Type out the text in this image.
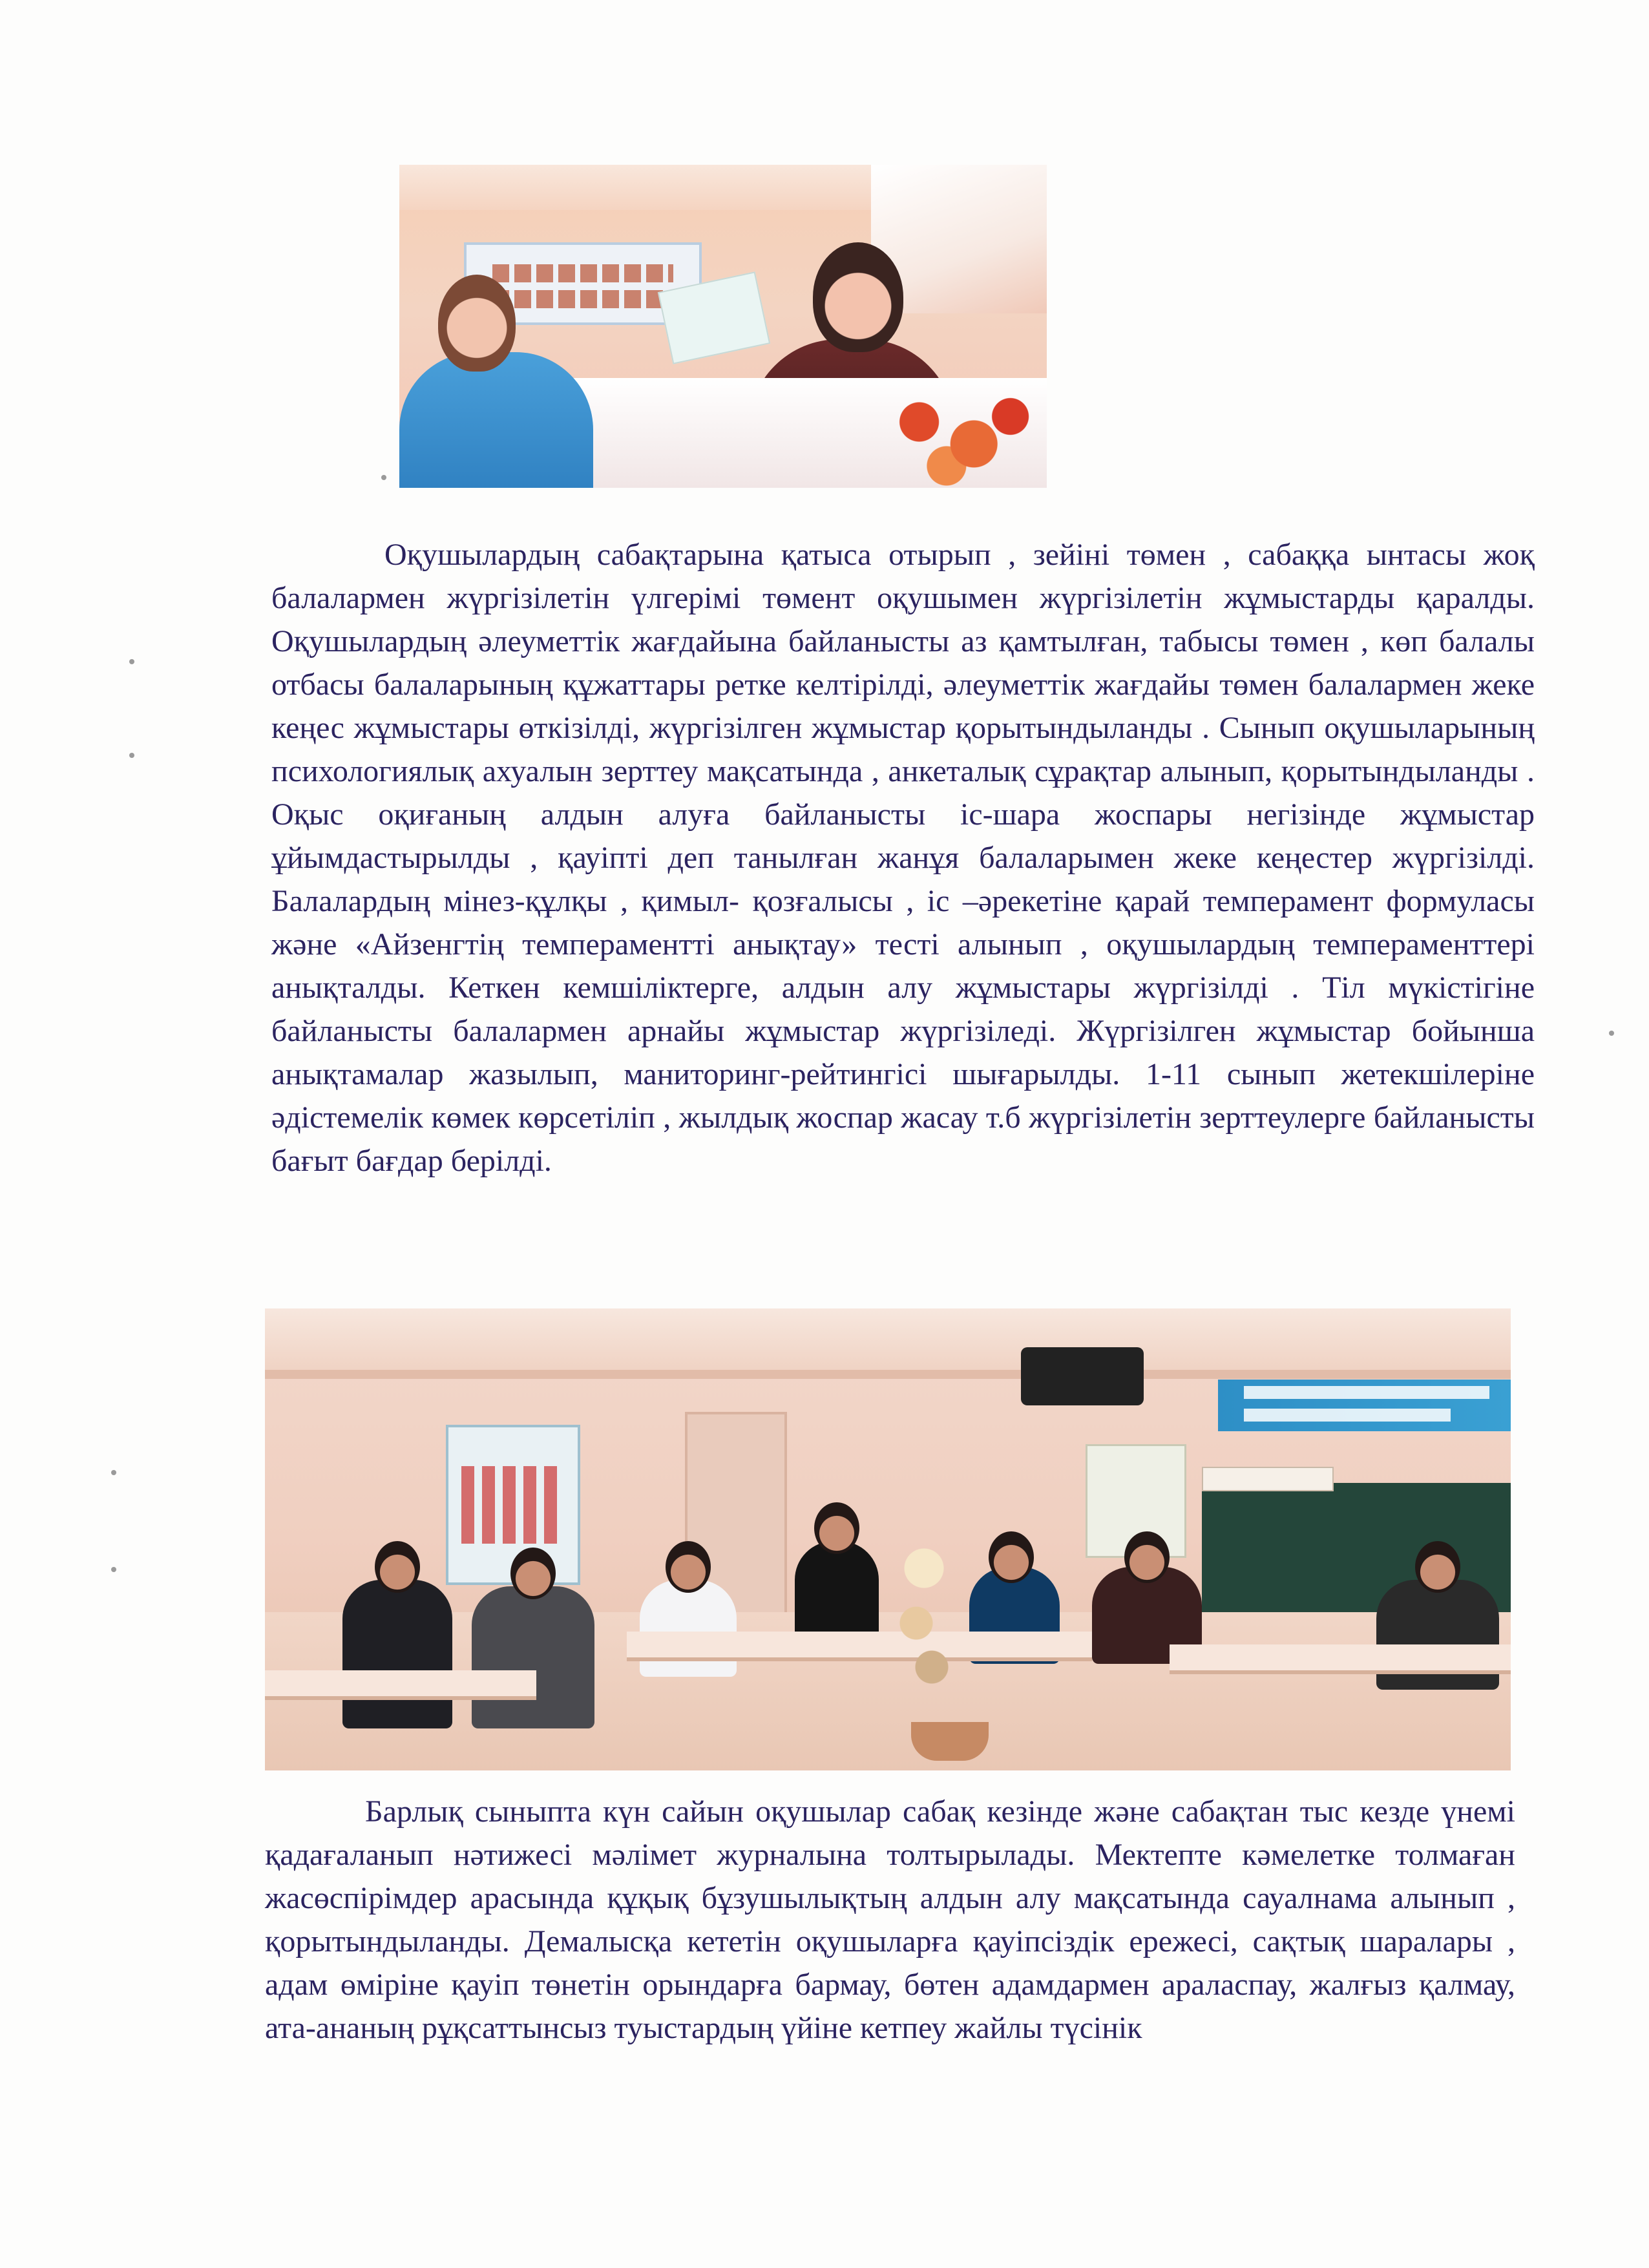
Оқушылардың сабақтарына қатыса отырып , зейіні төмен , сабаққа ынтасы жоқ балалармен жүргізілетін үлгерімі төмент оқушымен жүргізілетін жұмыстарды қаралды. Оқушылардың әлеуметтік жағдайына байланысты аз қамтылған, табысы төмен , көп балалы отбасы балаларының құжаттары ретке келтірілді, әлеуметтік жағдайы төмен балалармен жеке кеңес жұмыстары өткізілді, жүргізілген жұмыстар қорытындыланды . Сынып оқушыларының психологиялық ахуалын зерттеу мақсатында , анкеталық сұрақтар алынып, қорытындыланды . Оқыс оқиғаның алдын алуға байланысты іс-шара жоспары негізінде жұмыстар ұйымдастырылды , қауіпті деп танылған жанұя балаларымен жеке кеңестер жүргізілді. Балалардың мінез-құлқы , қимыл- қозғалысы , іс –әрекетіне қарай темперамент формуласы және «Айзенгтің темпераментті анықтау» тесті алынып , оқушылардың темпераменттері анықталды. Кеткен кемшіліктерге, алдын алу жұмыстары жүргізілді . Тіл мүкістігіне байланысты балалармен арнайы жұмыстар жүргізіледі. Жүргізілген жұмыстар бойынша анықтамалар жазылып, маниторинг-рейтингісі шығарылды. 1-11 сынып жетекшілеріне әдістемелік көмек көрсетіліп , жылдық жоспар жасау т.б жүргізілетін зерттеулерге байланысты бағыт бағдар берілді.

Барлық сыныпта күн сайын оқушылар сабақ кезінде және сабақтан тыс кезде үнемі қадағаланып нәтижесі мәлімет журналына толтырылады. Мектепте кәмелетке толмаған жасөспірімдер арасында құқық бұзушылықтың алдын алу мақсатында сауалнама алынып , қорытындыланды. Демалысқа кететін оқушыларға қауіпсіздік ережесі, сақтық шаралары , адам өміріне қауіп төнетін орындарға бармау, бөтен адамдармен араласпау, жалғыз қалмау, ата-ананың рұқсаттынсыз туыстардың үйіне кетпеу жайлы түсінік
